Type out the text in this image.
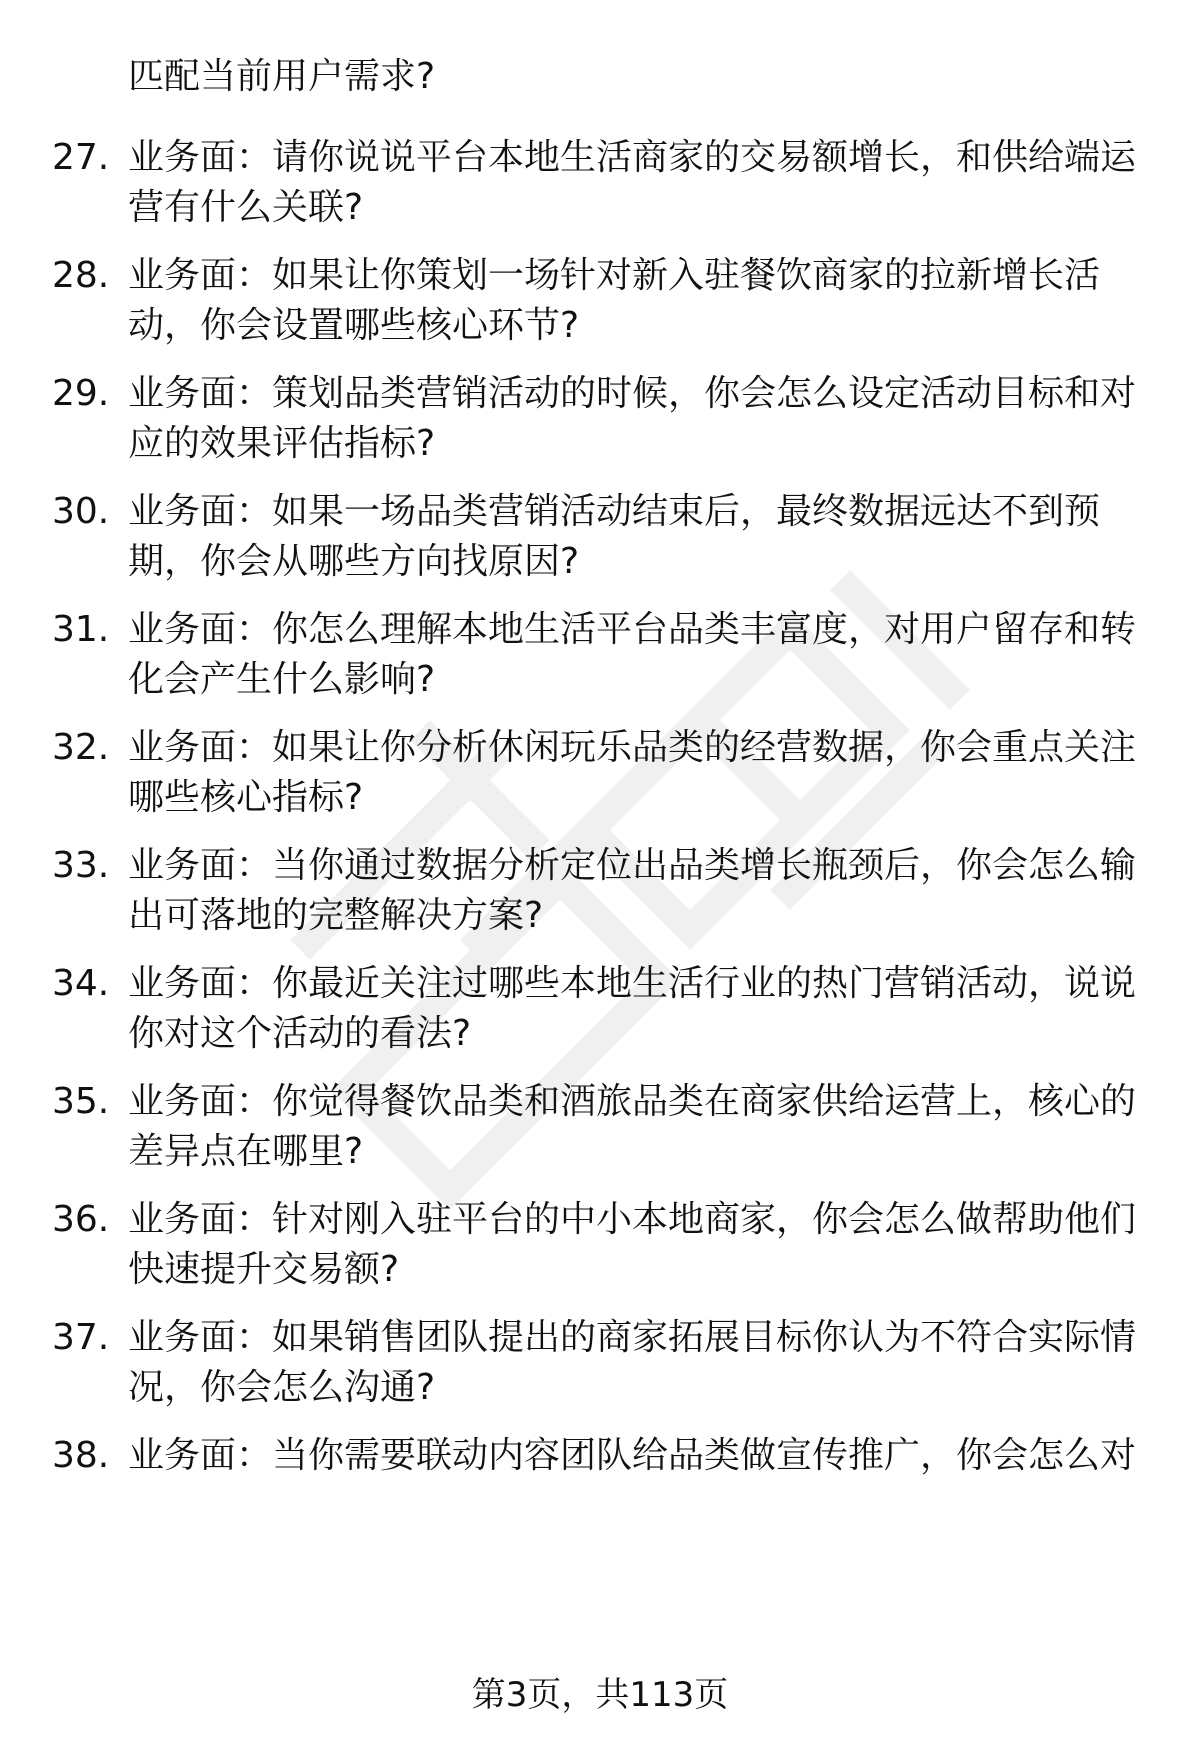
匹配当前用户需求?
27. 业务面：请你说说平台本地生活商家的交易额增长，和供给端运
营有什么关联?
28. 业务面：如果让你策划一场针对新入驻餐饮商家的拉新增长活
动，你会设置哪些核心环节?
29. 业务面：策划品类营销活动的时候，你会怎么设定活动目标和对
应的效果评估指标?
30. 业务面：如果一场品类营销活动结束后，最终数据远达不到预
期，你会从哪些方向找原因?
31. 业务面：你怎么理解本地生活平台品类丰富度，对用户留存和转
化会产生什么影响?
32. 业务面：如果让你分析休闲玩乐品类的经营数据，你会重点关注
哪些核心指标?
33. 业务面：当你通过数据分析定位出品类增长瓶颈后，你会怎么输
出可落地的完整解决方案?
34. 业务面：你最近关注过哪些本地生活行业的热门营销活动，说说
你对这个活动的看法?
35. 业务面：你觉得餐饮品类和酒旅品类在商家供给运营上，核心的
差异点在哪里?
36. 业务面：针对刚入驻平台的中小本地商家，你会怎么做帮助他们
快速提升交易额?
37. 业务面：如果销售团队提出的商家拓展目标你认为不符合实际情
况，你会怎么沟通?
38. 业务面：当你需要联动内容团队给品类做宣传推广，你会怎么对
第3页，共113页
